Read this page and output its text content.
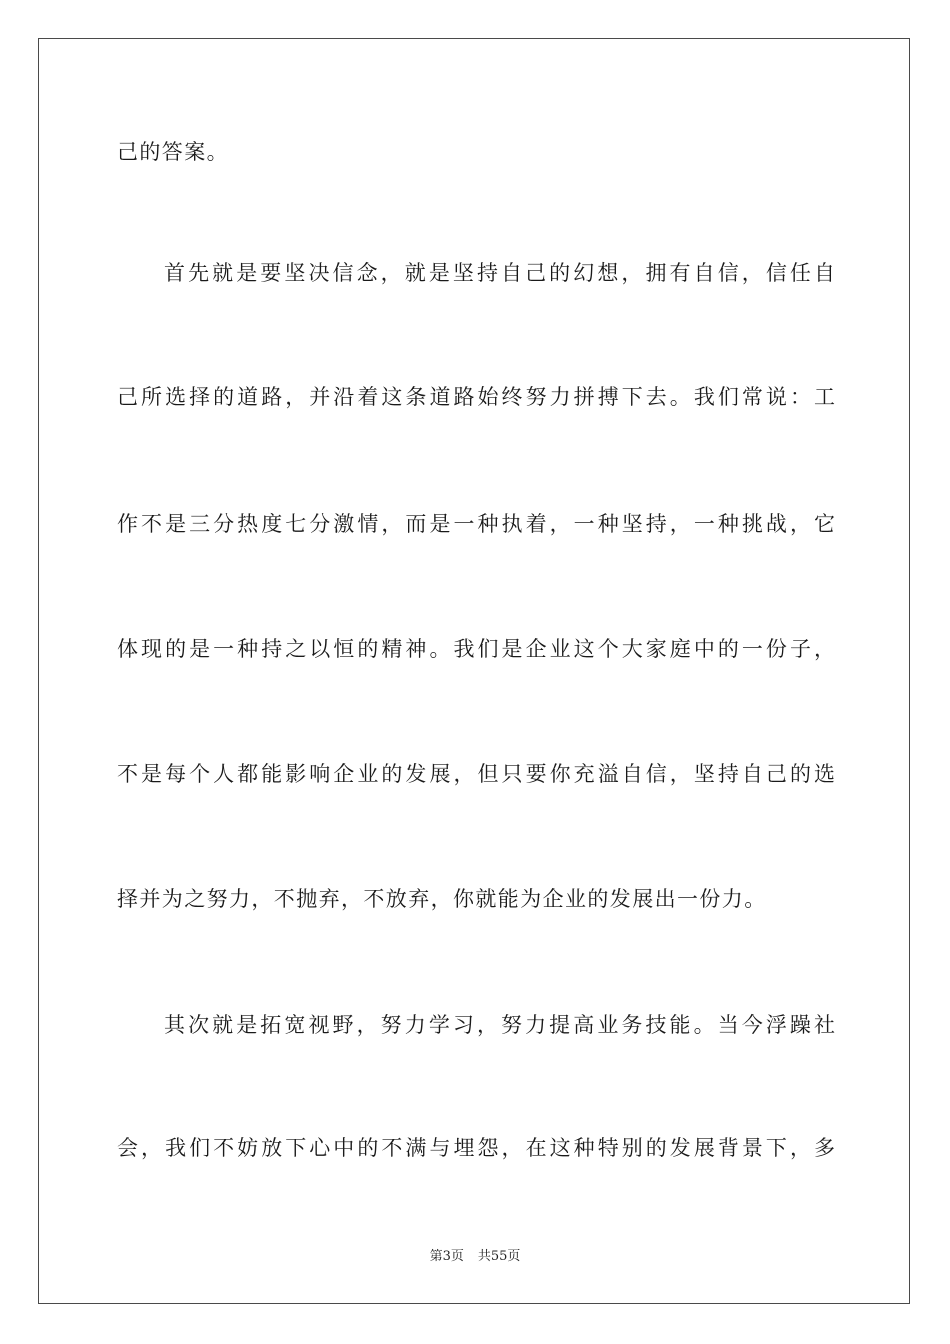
己的答案。
首先就是要坚决信念，就是坚持自己的幻想，拥有自信，信任自
己所选择的道路，并沿着这条道路始终努力拼搏下去。我们常说：工
作不是三分热度七分激情，而是一种执着，一种坚持，一种挑战，它
体现的是一种持之以恒的精神。我们是企业这个大家庭中的一份子，
不是每个人都能影响企业的发展，但只要你充溢自信，坚持自己的选
择并为之努力，不抛弃，不放弃，你就能为企业的发展出一份力。
其次就是拓宽视野，努力学习，努力提高业务技能。当今浮躁社
会，我们不妨放下心中的不满与埋怨，在这种特别的发展背景下，多
第3页 共55页
